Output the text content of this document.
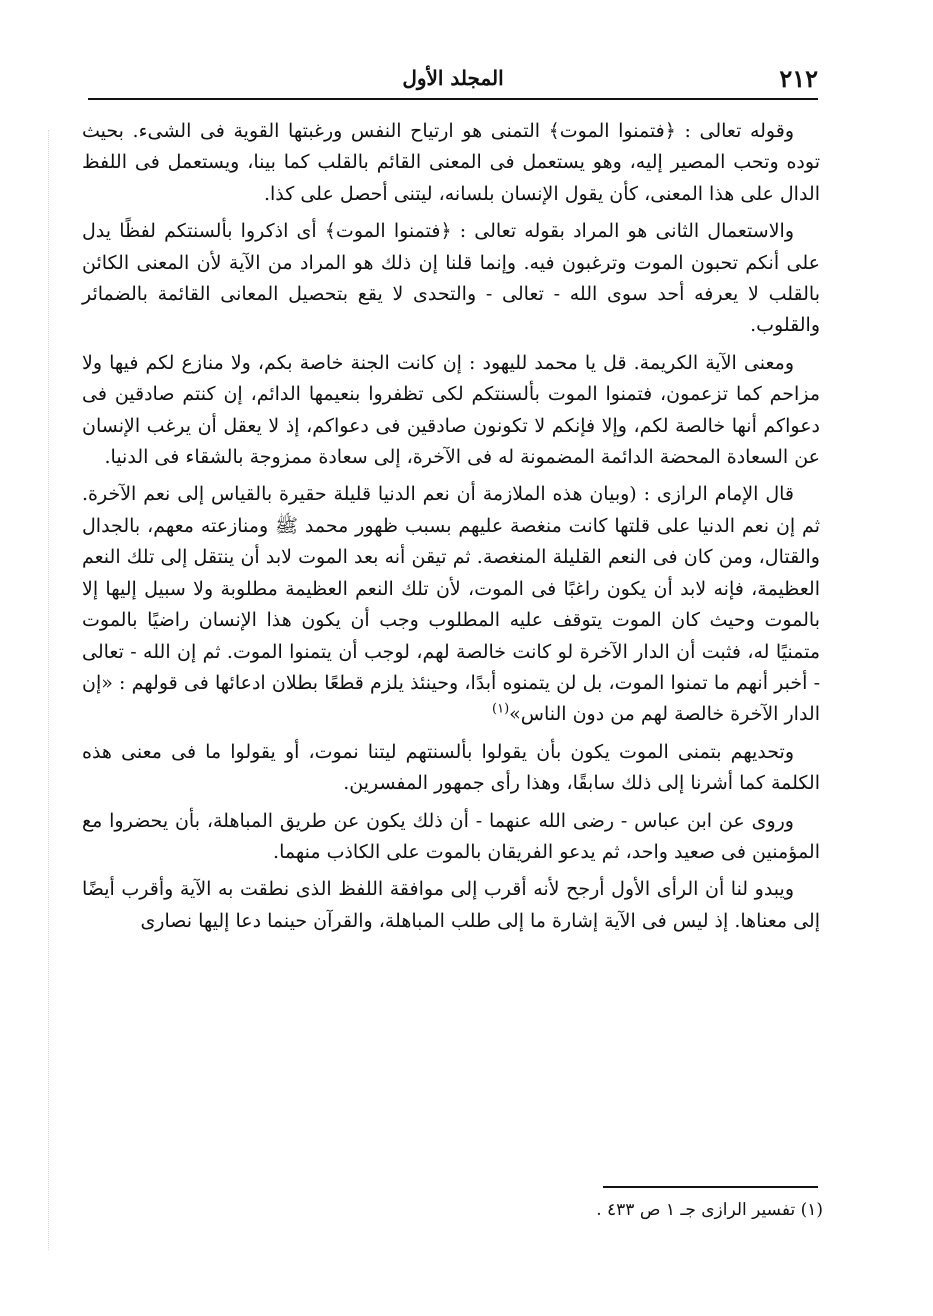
٢١٢
المجلد الأول

وقوله تعالى : ﴿فتمنوا الموت﴾ التمنى هو ارتياح النفس ورغبتها القوية فى الشىء. بحيث توده وتحب المصير إليه، وهو يستعمل فى المعنى القائم بالقلب كما بينا، ويستعمل فى اللفظ الدال على هذا المعنى، كأن يقول الإنسان بلسانه، ليتنى أحصل على كذا.

والاستعمال الثانى هو المراد بقوله تعالى : ﴿فتمنوا الموت﴾ أى اذكروا بألسنتكم لفظًا يدل على أنكم تحبون الموت وترغبون فيه. وإنما قلنا إن ذلك هو المراد من الآية لأن المعنى الكائن بالقلب لا يعرفه أحد سوى الله - تعالى - والتحدى لا يقع بتحصيل المعانى القائمة بالضمائر والقلوب.

ومعنى الآية الكريمة. قل يا محمد لليهود : إن كانت الجنة خاصة بكم، ولا منازع لكم فيها ولا مزاحم كما تزعمون، فتمنوا الموت بألسنتكم لكى تظفروا بنعيمها الدائم، إن كنتم صادقين فى دعواكم أنها خالصة لكم، وإلا فإنكم لا تكونون صادقين فى دعواكم، إذ لا يعقل أن يرغب الإنسان عن السعادة المحضة الدائمة المضمونة له فى الآخرة، إلى سعادة ممزوجة بالشقاء فى الدنيا.

قال الإمام الرازى : (وبيان هذه الملازمة أن نعم الدنيا قليلة حقيرة بالقياس إلى نعم الآخرة. ثم إن نعم الدنيا على قلتها كانت منغصة عليهم بسبب ظهور محمد ﷺ ومنازعته معهم، بالجدال والقتال، ومن كان فى النعم القليلة المنغصة. ثم تيقن أنه بعد الموت لابد أن ينتقل إلى تلك النعم العظيمة، فإنه لابد أن يكون راغبًا فى الموت، لأن تلك النعم العظيمة مطلوبة ولا سبيل إليها إلا بالموت وحيث كان الموت يتوقف عليه المطلوب وجب أن يكون هذا الإنسان راضيًا بالموت متمنيًا له، فثبت أن الدار الآخرة لو كانت خالصة لهم، لوجب أن يتمنوا الموت. ثم إن الله - تعالى - أخبر أنهم ما تمنوا الموت، بل لن يتمنوه أبدًا، وحينئذ يلزم قطعًا بطلان ادعائها فى قولهم : «إن الدار الآخرة خالصة لهم من دون الناس»$^{(١)}$

وتحديهم بتمنى الموت يكون بأن يقولوا بألسنتهم ليتنا نموت، أو يقولوا ما فى معنى هذه الكلمة كما أشرنا إلى ذلك سابقًا، وهذا رأى جمهور المفسرين.

وروى عن ابن عباس - رضى الله عنهما - أن ذلك يكون عن طريق المباهلة، بأن يحضروا مع المؤمنين فى صعيد واحد، ثم يدعو الفريقان بالموت على الكاذب منهما.

ويبدو لنا أن الرأى الأول أرجح لأنه أقرب إلى موافقة اللفظ الذى نطقت به الآية وأقرب أيضًا إلى معناها. إذ ليس فى الآية إشارة ما إلى طلب المباهلة، والقرآن حينما دعا إليها نصارى

(١) تفسير الرازى جـ ١ ص ٤٣٣ .
